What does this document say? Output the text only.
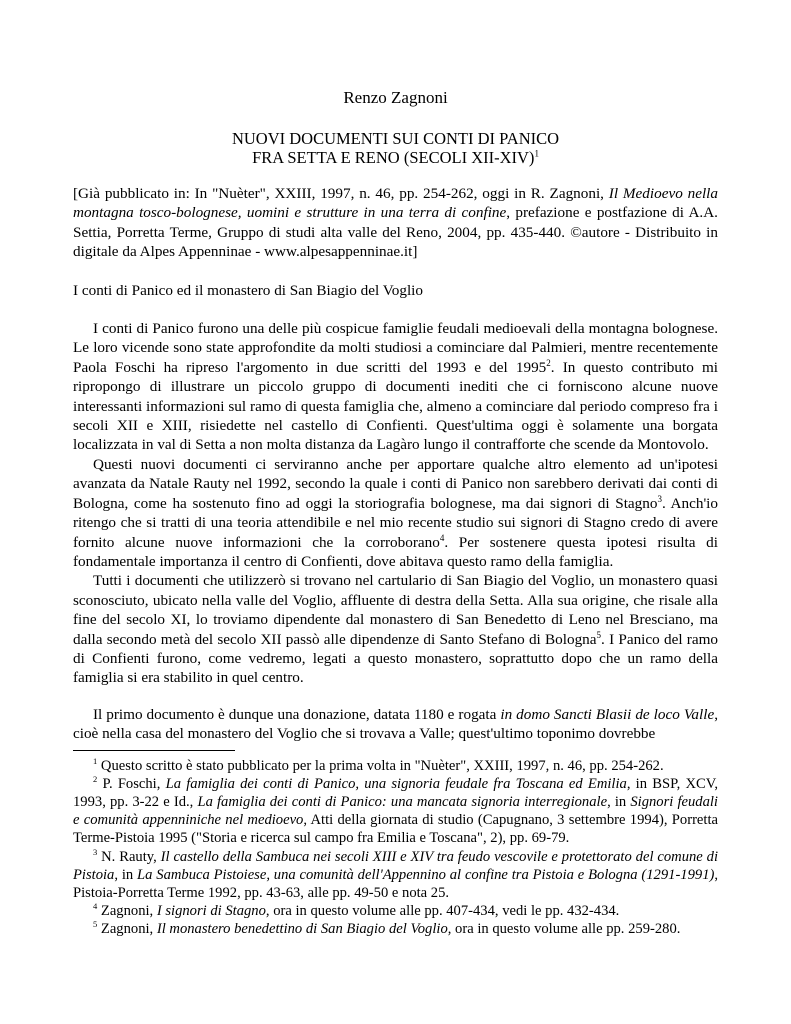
Renzo Zagnoni
NUOVI DOCUMENTI SUI CONTI DI PANICO
FRA SETTA E RENO (SECOLI XII-XIV)$^1$

[Già pubblicato in: In "Nuèter", XXIII, 1997, n. 46, pp. 254-262, oggi in R. Zagnoni, Il Medioevo nella montagna tosco-bolognese, uomini e strutture in una terra di confine, prefazione e postfazione di A.A. Settia, Porretta Terme, Gruppo di studi alta valle del Reno, 2004, pp. 435-440. ©autore - Distribuito in digitale da Alpes Appenninae - www.alpesappenninae.it]

I conti di Panico ed il monastero di San Biagio del Voglio

I conti di Panico furono una delle più cospicue famiglie feudali medioevali della montagna bolognese. Le loro vicende sono state approfondite da molti studiosi a cominciare dal Palmieri, mentre recentemente Paola Foschi ha ripreso l'argomento in due scritti del 1993 e del 1995$^2$. In questo contributo mi ripropongo di illustrare un piccolo gruppo di documenti inediti che ci forniscono alcune nuove interessanti informazioni sul ramo di questa famiglia che, almeno a cominciare dal periodo compreso fra i secoli XII e XIII, risiedette nel castello di Confienti. Quest'ultima oggi è solamente una borgata localizzata in val di Setta a non molta distanza da Lagàro lungo il contrafforte che scende da Montovolo.

Questi nuovi documenti ci serviranno anche per apportare qualche altro elemento ad un'ipotesi avanzata da Natale Rauty nel 1992, secondo la quale i conti di Panico non sarebbero derivati dai conti di Bologna, come ha sostenuto fino ad oggi la storiografia bolognese, ma dai signori di Stagno$^3$. Anch'io ritengo che si tratti di una teoria attendibile e nel mio recente studio sui signori di Stagno credo di avere fornito alcune nuove informazioni che la corroborano$^4$. Per sostenere questa ipotesi risulta di fondamentale importanza il centro di Confienti, dove abitava questo ramo della famiglia.

Tutti i documenti che utilizzerò si trovano nel cartulario di San Biagio del Voglio, un monastero quasi sconosciuto, ubicato nella valle del Voglio, affluente di destra della Setta. Alla sua origine, che risale alla fine del secolo XI, lo troviamo dipendente dal monastero di San Benedetto di Leno nel Bresciano, ma dalla secondo metà del secolo XII passò alle dipendenze di Santo Stefano di Bologna$^5$. I Panico del ramo di Confienti furono, come vedremo, legati a questo monastero, soprattutto dopo che un ramo della famiglia si era stabilito in quel centro.

Il primo documento è dunque una donazione, datata 1180 e rogata in domo Sancti Blasii de loco Valle, cioè nella casa del monastero del Voglio che si trovava a Valle; quest'ultimo toponimo dovrebbe

$^1$ Questo scritto è stato pubblicato per la prima volta in "Nuèter", XXIII, 1997, n. 46, pp. 254-262.

$^2$ P. Foschi, La famiglia dei conti di Panico, una signoria feudale fra Toscana ed Emilia, in BSP, XCV, 1993, pp. 3-22 e Id., La famiglia dei conti di Panico: una mancata signoria interregionale, in Signori feudali e comunità appenniniche nel medioevo, Atti della giornata di studio (Capugnano, 3 settembre 1994), Porretta Terme-Pistoia 1995 ("Storia e ricerca sul campo fra Emilia e Toscana", 2), pp. 69-79.

$^3$ N. Rauty, Il castello della Sambuca nei secoli XIII e XIV tra feudo vescovile e protettorato del comune di Pistoia, in La Sambuca Pistoiese, una comunità dell'Appennino al confine tra Pistoia e Bologna (1291-1991), Pistoia-Porretta Terme 1992, pp. 43-63, alle pp. 49-50 e nota 25.

$^4$ Zagnoni, I signori di Stagno, ora in questo volume alle pp. 407-434, vedi le pp. 432-434.

$^5$ Zagnoni, Il monastero benedettino di San Biagio del Voglio, ora in questo volume alle pp. 259-280.
